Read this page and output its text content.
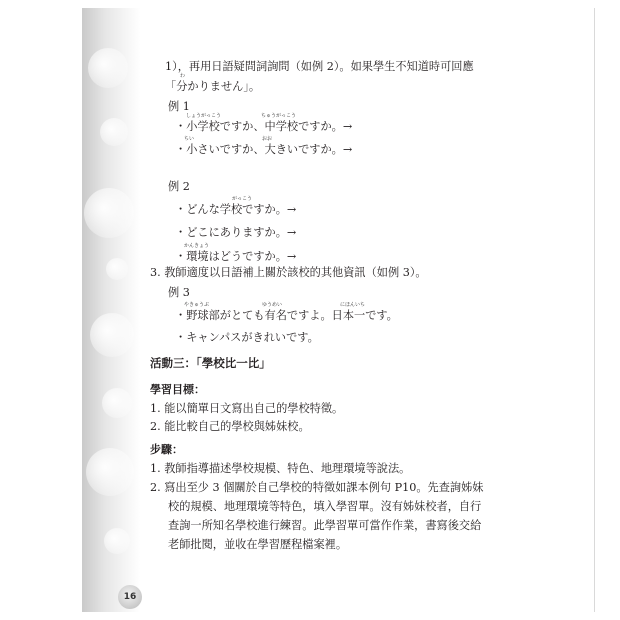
1），再用日語疑問詞詢問（如例 2）。如果學生不知道時可回應
わ
「分かりません」。
例 1
しょうがっこう	ちゅうがっこう
・小学校ですか、中学校ですか。→
ちい	おお
・小さいですか、大きいですか。→
例 2
がっこう
・どんな学校ですか。→
・どこにありますか。→
かんきょう
・環境はどうですか。→
3. 教師適度以日語補上關於該校的其他資訊（如例 3）。
例 3
やきゅうぶ	ゆうめい	にほんいち
・野球部がとても有名ですよ。日本一です。
・キャンパスがきれいです。
活動三：「學校比一比」
學習目標：
1. 能以簡單日文寫出自己的學校特徵。
2. 能比較自己的學校與姊妹校。
步驟：
1. 教師指導描述學校規模、特色、地理環境等說法。
2. 寫出至少 3 個關於自己學校的特徵如課本例句 P10。先查詢姊妹
校的規模、地理環境等特色，填入學習單。沒有姊妹校者，自行
查詢一所知名學校進行練習。此學習單可當作作業，書寫後交給
老師批閱，並收在學習歷程檔案裡。
16
